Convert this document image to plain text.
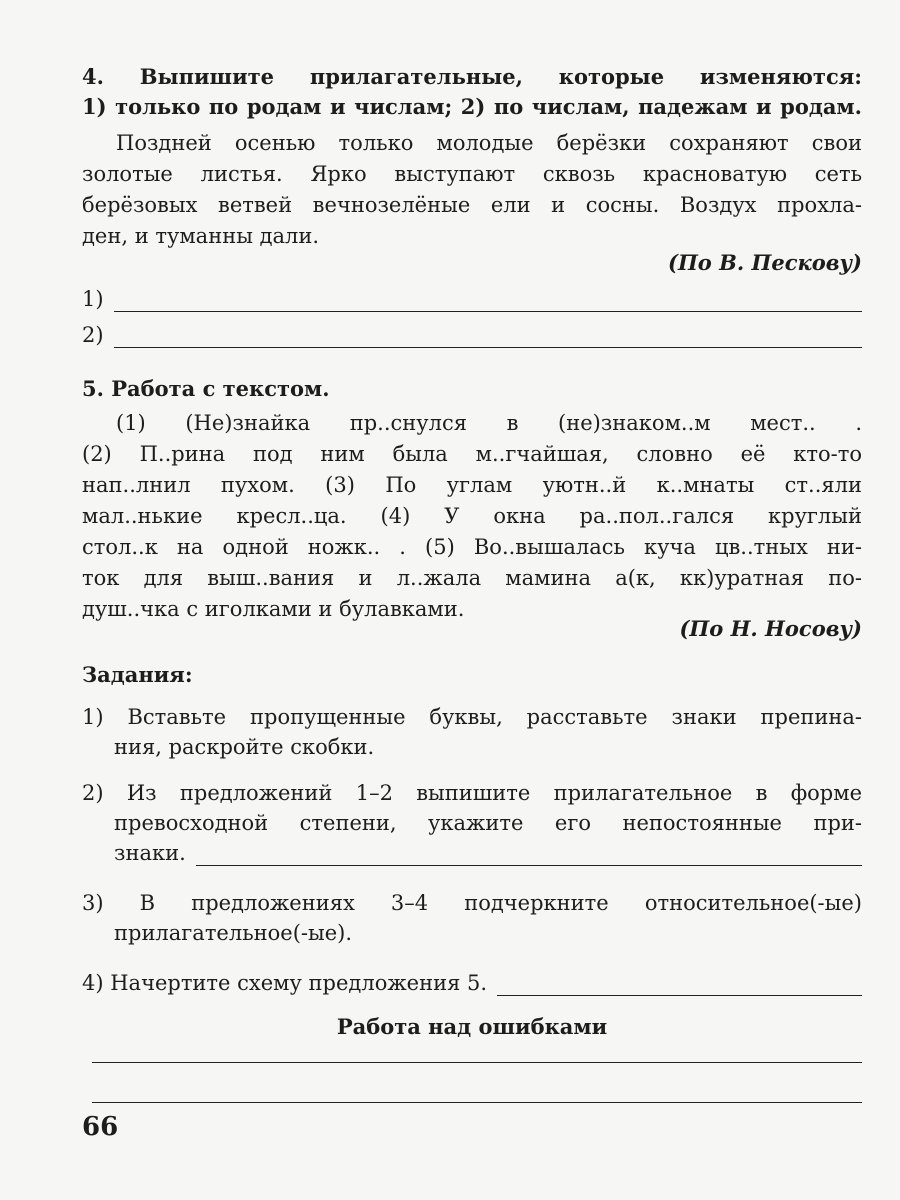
4. Выпишите прилагательные, которые изменяются:
1) только по родам и числам; 2) по числам, падежам и родам.
Поздней осенью только молодые берёзки сохраняют свои
золотые листья. Ярко выступают сквозь красноватую сеть
берёзовых ветвей вечнозелёные ели и сосны. Воздух прохла-
ден, и туманны дали.
(По В. Пескову)
1)
2)
5. Работа с текстом.
(1) (Не)знайка пр..снулся в (не)знаком..м мест.. .
(2) П..рина под ним была м..гчайшая, словно её кто-то
нап..лнил пухом. (3) По углам уютн..й к..мнаты ст..яли
мал..нькие кресл..ца. (4) У окна ра..пол..гался круглый
стол..к на одной ножк.. . (5) Во..вышалась куча цв..тных ни-
ток для выш..вания и л..жала мамина а(к, кк)уратная по-
душ..чка с иголками и булавками.
(По Н. Носову)
Задания:
1) Вставьте пропущенные буквы, расставьте знаки препина-
ния, раскройте скобки.
2) Из предложений 1–2 выпишите прилагательное в форме
превосходной степени, укажите его непостоянные при-
знаки.
3) В предложениях 3–4 подчеркните относительное(-ые)
прилагательное(-ые).
4) Начертите схему предложения 5.
Работа над ошибками
66
